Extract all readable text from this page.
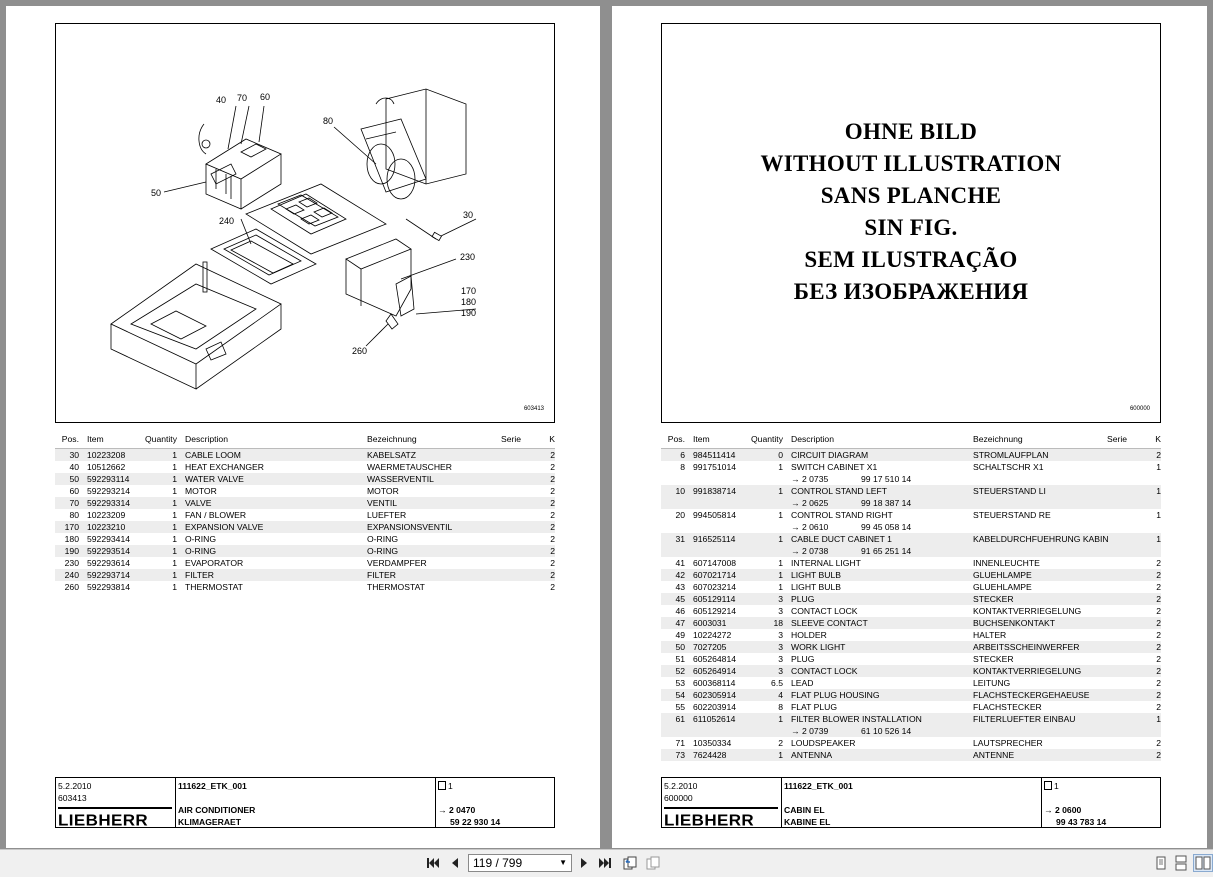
40 70 60
80
50
30
240
230
170
180
190
260
603413
Pos. Item	Quantity Description	Bezeichnung	Serie	K
30 10223208	1 CABLE LOOM	KABELSATZ	2
40 10512662	1 HEAT EXCHANGER	WAERMETAUSCHER	2
50 592293114	1 WATER VALVE	WASSERVENTIL	2
60 592293214	1 MOTOR	MOTOR	2
70 592293314	1 VALVE	VENTIL	2
80 10223209	1 FAN / BLOWER	LUEFTER	2
170 10223210	1 EXPANSION VALVE	EXPANSIONSVENTIL	2
180 592293414	1 O-RING	O-RING	2
190 592293514	1 O-RING	O-RING	2
230 592293614	1 EVAPORATOR	VERDAMPFER	2
240 592293714	1 FILTER	FILTER	2
260 592293814	1 THERMOSTAT	THERMOSTAT	2
5.2.2010
603413
LIEBHERR
111622_ETK_001
AIR CONDITIONER
KLIMAGERAET
1
→ 2 0470
59 22 930 14
OHNE BILD
WITHOUT ILLUSTRATION
SANS PLANCHE
SIN FIG.
SEM ILUSTRAÇÃO
БЕЗ ИЗОБРАЖЕНИЯ
600000
Pos. Item	Quantity Description	Bezeichnung	Serie	K
6 984511414	0 CIRCUIT DIAGRAM	STROMLAUFPLAN	2
8 991751014	1 SWITCH CABINET X1	SCHALTSCHR X1	1
→ 2 0735	99 17 510 14
10 991838714	1 CONTROL STAND LEFT	STEUERSTAND LI	1
→ 2 0625	99 18 387 14
20 994505814	1 CONTROL STAND RIGHT	STEUERSTAND RE	1
→ 2 0610	99 45 058 14
31 916525114	1 CABLE DUCT CABINET 1	KABELDURCHFUEHRUNG KABIN	1
→ 2 0738	91 65 251 14
41 607147008	1 INTERNAL LIGHT	INNENLEUCHTE	2
42 607021714	1 LIGHT BULB	GLUEHLAMPE	2
43 607023214	1 LIGHT BULB	GLUEHLAMPE	2
45 605129114	3 PLUG	STECKER	2
46 605129214	3 CONTACT LOCK	KONTAKTVERRIEGELUNG	2
47 6003031	18 SLEEVE CONTACT	BUCHSENKONTAKT	2
49 10224272	3 HOLDER	HALTER	2
50 7027205	3 WORK LIGHT	ARBEITSSCHEINWERFER	2
51 605264814	3 PLUG	STECKER	2
52 605264914	3 CONTACT LOCK	KONTAKTVERRIEGELUNG	2
53 600368114	6.5 LEAD	LEITUNG	2
54 602305914	4 FLAT PLUG HOUSING	FLACHSTECKERGEHAEUSE	2
55 602203914	8 FLAT PLUG	FLACHSTECKER	2
61 611052614	1 FILTER BLOWER INSTALLATION	FILTERLUEFTER EINBAU	1
→ 2 0739	61 10 526 14
71 10350334	2 LOUDSPEAKER	LAUTSPRECHER	2
73 7624428	1 ANTENNA	ANTENNE	2
5.2.2010
600000
LIEBHERR
111622_ETK_001
CABIN EL
KABINE EL
1
→ 2 0600
99 43 783 14
119 / 799	▼
